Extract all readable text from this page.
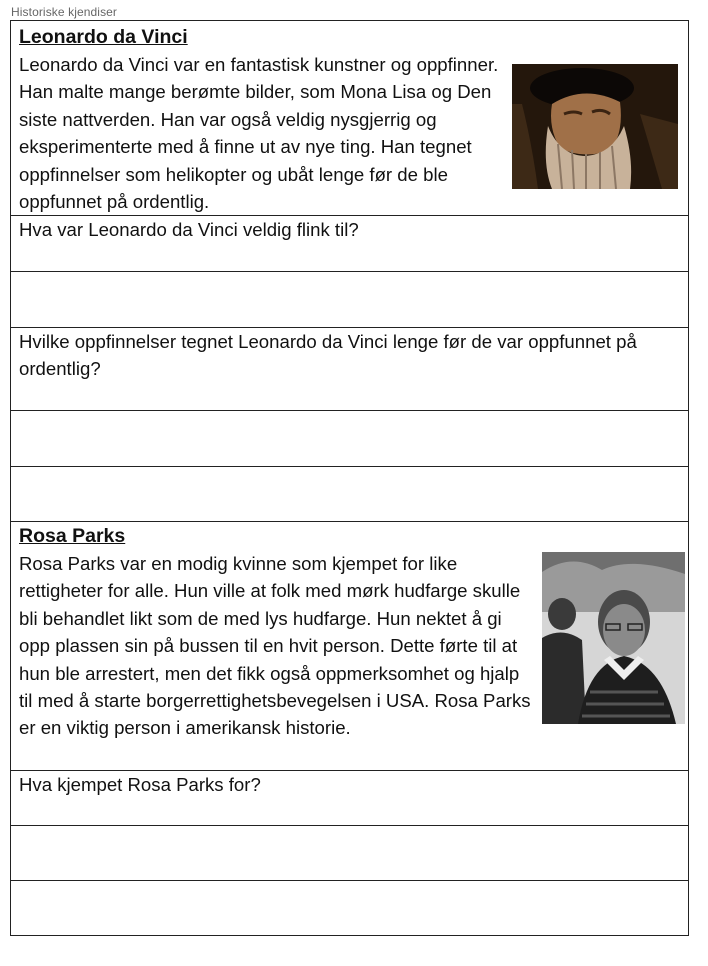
Historiske kjendiser
Leonardo da Vinci
Leonardo da Vinci var en fantastisk kunstner og oppfinner. Han malte mange berømte bilder, som Mona Lisa og Den siste nattverden. Han var også veldig nysgjerrig og eksperimenterte med å finne ut av nye ting. Han tegnet oppfinnelser som helikopter og ubåt lenge før de ble oppfunnet på ordentlig.
Hva var Leonardo da Vinci veldig flink til?
Hvilke oppfinnelser tegnet Leonardo da Vinci lenge før de var oppfunnet på ordentlig?
Rosa Parks
Rosa Parks var en modig kvinne som kjempet for like rettigheter for alle. Hun ville at folk med mørk hudfarge skulle bli behandlet likt som de med lys hudfarge. Hun nektet å gi opp plassen sin på bussen til en hvit person. Dette førte til at hun ble arrestert, men det fikk også oppmerksomhet og hjalp til med å starte borgerrettighetsbevegelsen i USA. Rosa Parks er en viktig person i amerikansk historie.
Hva kjempet Rosa Parks for?
